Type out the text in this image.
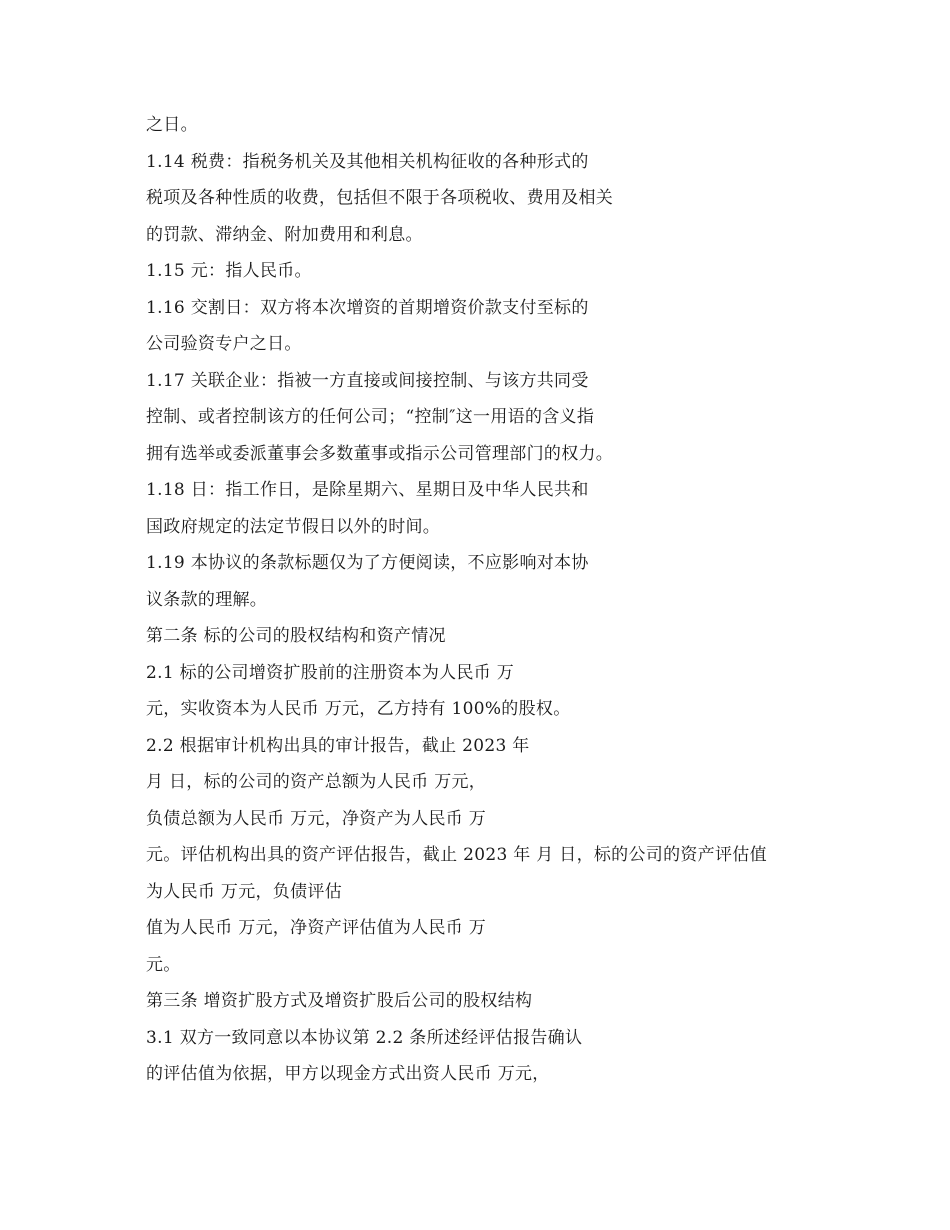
之日。
1.14 税费：指税务机关及其他相关机构征收的各种形式的
税项及各种性质的收费，包括但不限于各项税收、费用及相关
的罚款、滞纳金、附加费用和利息。
1.15 元：指人民币。
1.16 交割日：双方将本次增资的首期增资价款支付至标的
公司验资专户之日。
1.17 关联企业：指被一方直接或间接控制、与该方共同受
控制、或者控制该方的任何公司；“控制″这一用语的含义指
拥有选举或委派董事会多数董事或指示公司管理部门的权力。
1.18 日：指工作日，是除星期六、星期日及中华人民共和
国政府规定的法定节假日以外的时间。
1.19 本协议的条款标题仅为了方便阅读，不应影响对本协
议条款的理解。
第二条 标的公司的股权结构和资产情况
2.1 标的公司增资扩股前的注册资本为人民币 万
元，实收资本为人民币 万元，乙方持有 100%的股权。
2.2 根据审计机构出具的审计报告，截止 2023 年
月 日，标的公司的资产总额为人民币 万元，
负债总额为人民币 万元，净资产为人民币 万
元。评估机构出具的资产评估报告，截止 2023 年 月 日，标的公司的资产评估值
为人民币 万元，负债评估
值为人民币 万元，净资产评估值为人民币 万
元。
第三条 增资扩股方式及增资扩股后公司的股权结构
3.1 双方一致同意以本协议第 2.2 条所述经评估报告确认
的评估值为依据，甲方以现金方式出资人民币 万元，
